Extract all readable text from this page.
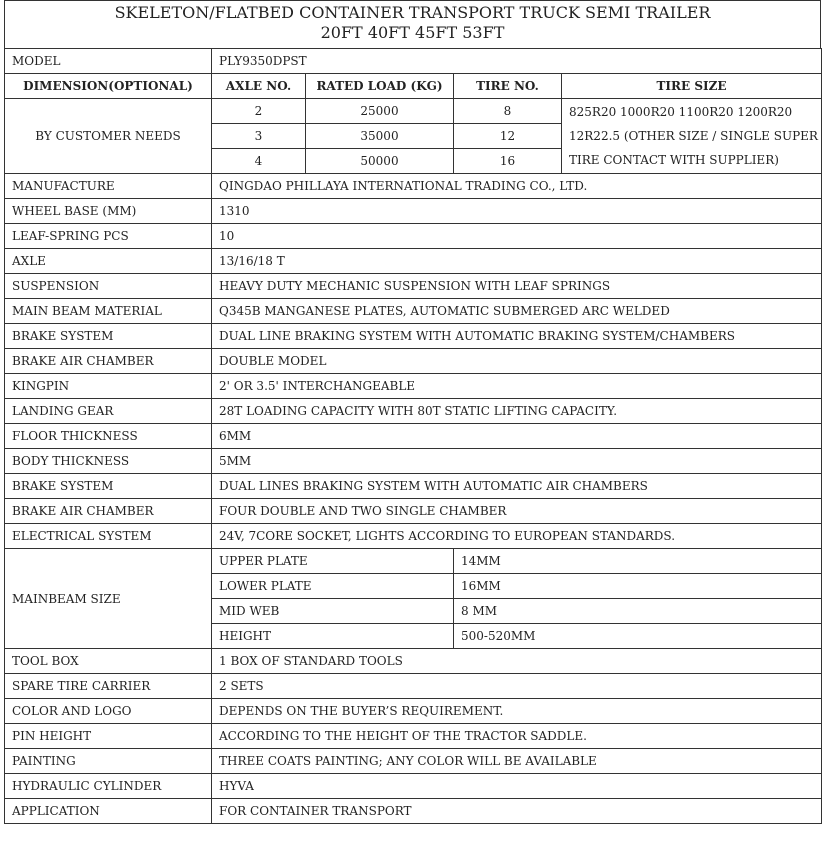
SKELETON/FLATBED CONTAINER TRANSPORT TRUCK SEMI TRAILER
20FT 40FT 45FT 53FT
MODEL	PLY9350DPST			
DIMENSION(OPTIONAL)	AXLE NO.	RATED LOAD (KG)	TIRE NO.	TIRE SIZE
BY CUSTOMER NEEDS	2	25000	8	825R20 1000R20 1100R20 1200R20 12R22.5 (OTHER SIZE / SINGLE SUPER TIRE CONTACT WITH SUPPLIER)
	3	35000	12	
	4	50000	16	
MANUFACTURE	QINGDAO PHILLAYA INTERNATIONAL TRADING CO., LTD.			
WHEEL BASE (MM)	1310			
LEAF-SPRING PCS	10			
AXLE	13/16/18 T			
SUSPENSION	HEAVY DUTY MECHANIC SUSPENSION WITH LEAF SPRINGS			
MAIN BEAM MATERIAL	Q345B MANGANESE PLATES, AUTOMATIC SUBMERGED ARC WELDED			
BRAKE SYSTEM	DUAL LINE BRAKING SYSTEM WITH AUTOMATIC BRAKING SYSTEM/CHAMBERS			
BRAKE AIR CHAMBER	DOUBLE MODEL			
KINGPIN	2' OR 3.5' INTERCHANGEABLE			
LANDING GEAR	28T LOADING CAPACITY WITH 80T STATIC LIFTING CAPACITY.			
FLOOR THICKNESS	6MM			
BODY THICKNESS	5MM			
BRAKE SYSTEM	DUAL LINES BRAKING SYSTEM WITH AUTOMATIC AIR CHAMBERS			
BRAKE AIR CHAMBER	FOUR DOUBLE AND TWO SINGLE CHAMBER			
ELECTRICAL SYSTEM	24V, 7CORE SOCKET, LIGHTS ACCORDING TO EUROPEAN STANDARDS.			
MAINBEAM SIZE	UPPER PLATE		14MM	
	LOWER PLATE		16MM	
	MID WEB		8 MM	
	HEIGHT		500-520MM	
TOOL BOX	1 BOX OF STANDARD TOOLS			
SPARE TIRE CARRIER	2 SETS			
COLOR AND LOGO	DEPENDS ON THE BUYER’S REQUIREMENT.			
PIN HEIGHT	ACCORDING TO THE HEIGHT OF THE TRACTOR SADDLE.			
PAINTING	THREE COATS PAINTING; ANY COLOR WILL BE AVAILABLE			
HYDRAULIC CYLINDER	HYVA			
APPLICATION	FOR CONTAINER TRANSPORT			
